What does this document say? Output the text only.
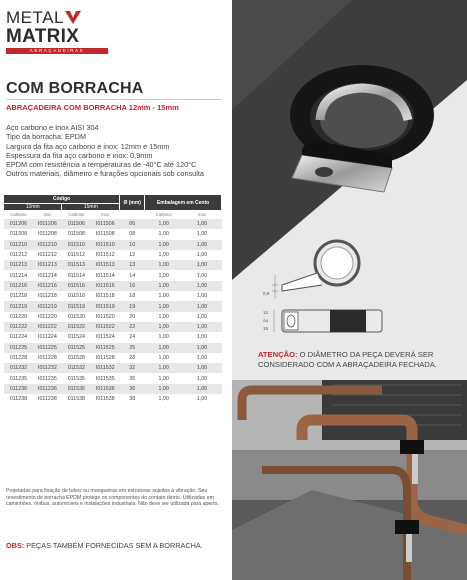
METAL
MATRIX
ABRAÇADEIRAS
COM BORRACHA
ABRAÇADEIRA COM BORRACHA 12mm - 15mm
Aço carbono e Inox AISI 304
Tipo da borracha: EPDM
Largura da fita aço carbono e inox: 12mm e 15mm
Espessura da fita aço carbono e inox: 0,9mm
EPDM com resistência a temperaturas de -40°C até 120°C
Outros materiais, diâmetro e furações opcionais sob consulta
Código				Ø (mm)	Embalagem em Cento	
12mm		15mm				
Carbono	Inox	Carbono	Inox		Carbono	Inox
011206	I011206	011506	I011506	06	1,00	1,00
011208	I011208	011508	I011508	08	1,00	1,00
011210	I011210	011510	I011510	10	1,00	1,00
011212	I011212	011512	I011512	12	1,00	1,00
011213	I011213	011513	I011513	13	1,00	1,00
011214	I011214	011514	I011514	14	1,00	1,00
011216	I011216	011516	I011516	16	1,00	1,00
011218	I011218	011518	I011518	18	1,00	1,00
011219	I011219	011519	I011519	19	1,00	1,00
011220	I011220	011520	I011520	20	1,00	1,00
011222	I011222	011522	I011522	22	1,00	1,00
011224	I011224	011524	I011524	24	1,00	1,00
011225	I011225	011525	I011525	25	1,00	1,00
011228	I011228	011528	I011528	28	1,00	1,00
011232	I011232	011532	I011532	32	1,00	1,00
011235	I011235	011535	I011535	35	1,00	1,00
011236	I011236	011536	I011536	36	1,00	1,00
011238	I011238	011538	I011538	38	1,00	1,00
0,9
12
ou
15
ATENÇÃO: O DIÂMETRO DA PEÇA DEVERÁ SER CONSIDERADO COM A ABRAÇADEIRA FECHADA.
Projetadas para fixação de tubos ou mangueiras em estruturas sujeitas à vibração. Seu revestimento de borracha EPDM protege os componentes do contato direto. Utilizadas em caminhões, ônibus, automóveis e instalações industriais. Não deve ser utilizada para aperto.
OBS: PEÇAS TAMBÉM FORNECIDAS SEM A BORRACHA.
